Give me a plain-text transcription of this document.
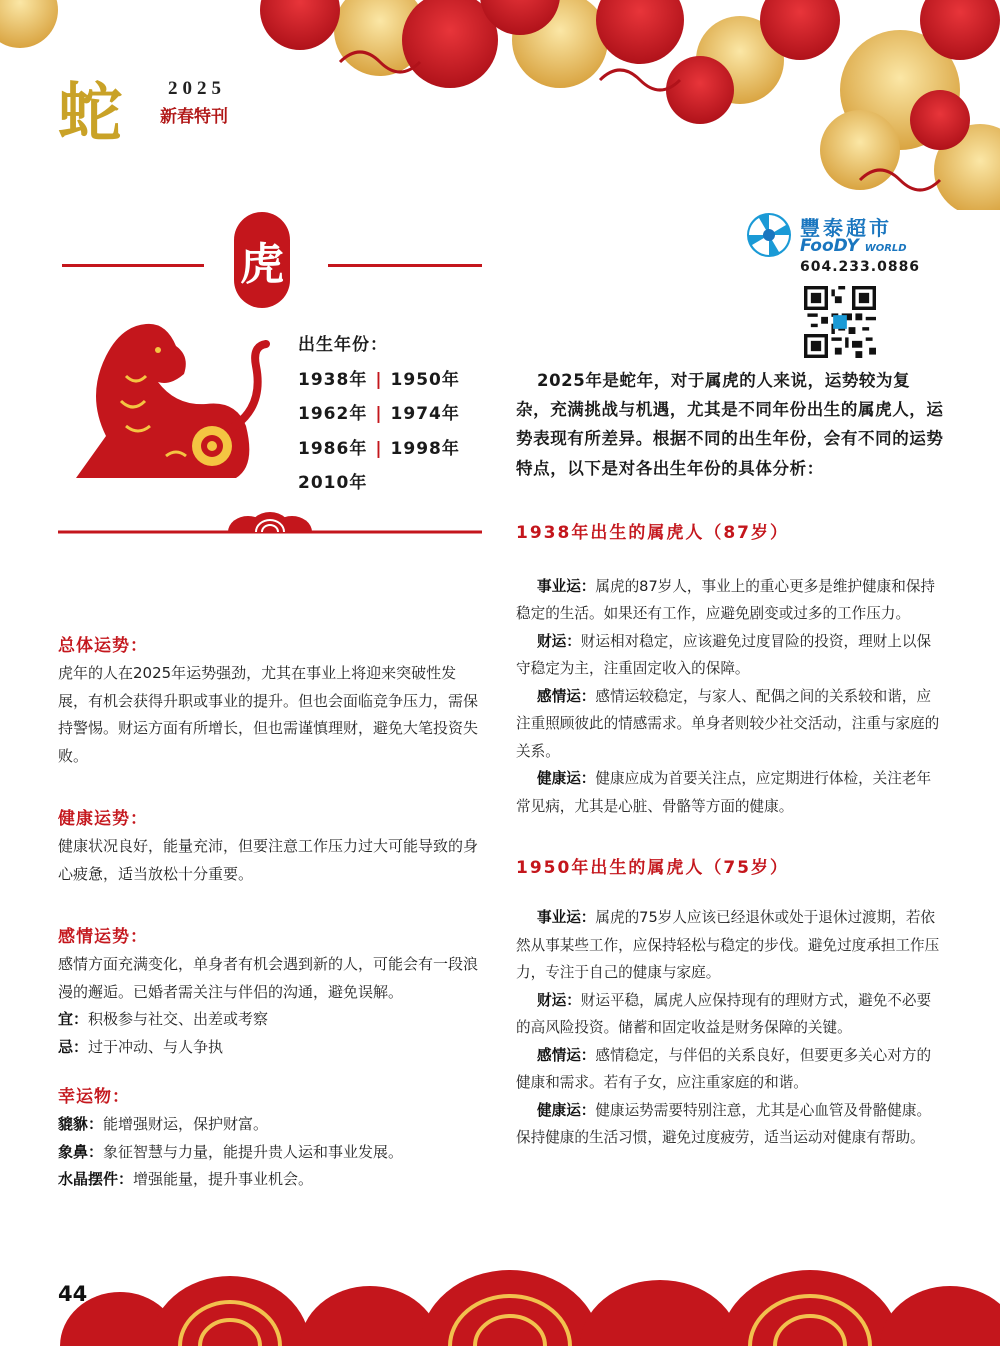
蛇 2025
新春特刊
虎
出生年份：
1938年 | 1950年
1962年 | 1974年
1986年 | 1998年
2010年
豐泰超市
FooDY WORLD
604.233.0886
总体运势：

虎年的人在2025年运势强劲，尤其在事业上将迎来突破性发展，有机会获得升职或事业的提升。但也会面临竞争压力，需保持警惕。财运方面有所增长，但也需谨慎理财，避免大笔投资失败。

健康运势：

健康状况良好，能量充沛，但要注意工作压力过大可能导致的身心疲惫，适当放松十分重要。

感情运势：

感情方面充满变化，单身者有机会遇到新的人，可能会有一段浪漫的邂逅。已婚者需关注与伴侣的沟通，避免误解。

宜：积极参与社交、出差或考察

忌：过于冲动、与人争执

幸运物：

貔貅：能增强财运，保护财富。

象鼻：象征智慧与力量，能提升贵人运和事业发展。

水晶摆件：增强能量，提升事业机会。

2025年是蛇年，对于属虎的人来说，运势较为复杂，充满挑战与机遇，尤其是不同年份出生的属虎人，运势表现有所差异。根据不同的出生年份，会有不同的运势特点，以下是对各出生年份的具体分析：

1938年出生的属虎人（87岁）

事业运：属虎的87岁人，事业上的重心更多是维护健康和保持稳定的生活。如果还有工作，应避免剧变或过多的工作压力。

财运：财运相对稳定，应该避免过度冒险的投资，理财上以保守稳定为主，注重固定收入的保障。

感情运：感情运较稳定，与家人、配偶之间的关系较和谐，应注重照顾彼此的情感需求。单身者则较少社交活动，注重与家庭的关系。

健康运：健康应成为首要关注点，应定期进行体检，关注老年常见病，尤其是心脏、骨骼等方面的健康。

1950年出生的属虎人（75岁）

事业运：属虎的75岁人应该已经退休或处于退休过渡期，若依然从事某些工作，应保持轻松与稳定的步伐。避免过度承担工作压力，专注于自己的健康与家庭。

财运：财运平稳，属虎人应保持现有的理财方式，避免不必要的高风险投资。储蓄和固定收益是财务保障的关键。

感情运：感情稳定，与伴侣的关系良好，但要更多关心对方的健康和需求。若有子女，应注重家庭的和谐。

健康运：健康运势需要特别注意，尤其是心血管及骨骼健康。保持健康的生活习惯，避免过度疲劳，适当运动对健康有帮助。

44
